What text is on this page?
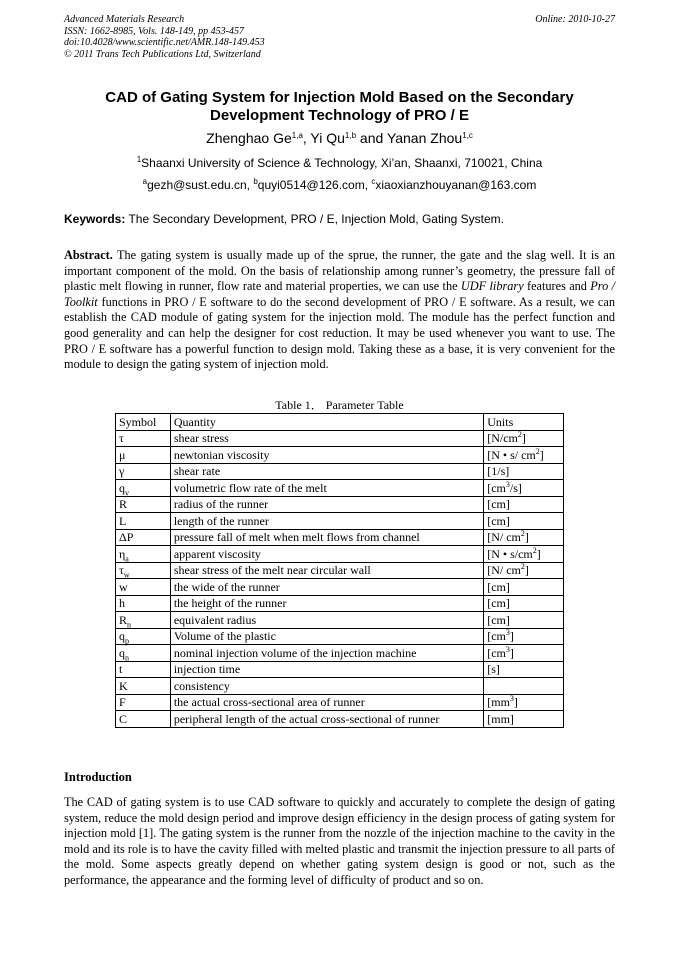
Advanced Materials Research
ISSN: 1662-8985, Vols. 148-149, pp 453-457
doi:10.4028/www.scientific.net/AMR.148-149.453
© 2011 Trans Tech Publications Ltd, Switzerland
Online: 2010-10-27
CAD of Gating System for Injection Mold Based on the Secondary
Development Technology of PRO / E
Zhenghao Ge$^{1,a}$, Yi Qu$^{1,b}$ and Yanan Zhou$^{1,c}$
$^1$Shaanxi University of Science & Technology, Xi’an, Shaanxi, 710021, China
$^a$gezh@sust.edu.cn, $^b$quyi0514@126.com, $^c$xiaoxianzhouyanan@163.com
Keywords: The Secondary Development, PRO / E, Injection Mold, Gating System.

Abstract. The gating system is usually made up of the sprue, the runner, the gate and the slag well. It is an important component of the mold. On the basis of relationship among runner’s geometry, the pressure fall of plastic melt flowing in runner, flow rate and material properties, we can use the UDF library features and Pro / Toolkit functions in PRO / E software to do the second development of PRO / E software. As a result, we can establish the CAD module of gating system for the injection mold. The module has the perfect function and good generality and can help the designer for cost reduction. It may be used whenever you want to use. The PRO / E software has a powerful function to design mold. Taking these as a base, it is very convenient for the module to design the gating system of injection mold.

Table 1． Parameter Table
Symbol	Quantity	Units
τ	shear stress	$[N/cm^2]$
μ	newtonian viscosity	[N • s/ $cm^2$]
γ	shear rate	[1/s]
$q_v$	volumetric flow rate of the melt	$[cm^3/s]$
R	radius of the runner	[cm]
L	length of the runner	[cm]
ΔP	pressure fall of melt when melt flows from channel	[N/ $cm^2$]
$\eta_a$	apparent viscosity	[N • $s/cm^2$]
$\tau_w$	shear stress of the melt near circular wall	[N/ $cm^2$]
w	the wide of the runner	[cm]
h	the height of the runner	[cm]
$R_n$	equivalent radius	[cm]
$q_p$	Volume of the plastic	$[cm^3]$
$q_n$	nominal injection volume of the injection machine	$[cm^3]$
t	injection time	[s]
K	consistency	
F	the actual cross-sectional area of runner	$[mm^3]$
C	peripheral length of the actual cross-sectional of runner	[mm]
Introduction

The CAD of gating system is to use CAD software to quickly and accurately to complete the design of gating system, reduce the mold design period and improve design efficiency in the design process of gating system for injection mold [1]. The gating system is the runner from the nozzle of the injection machine to the cavity in the mold and its role is to have the cavity filled with melted plastic and transmit the injection pressure to all parts of the mold. Some aspects greatly depend on whether gating system design is good or not, such as the performance, the appearance and the forming level of difficulty of product and so on.
